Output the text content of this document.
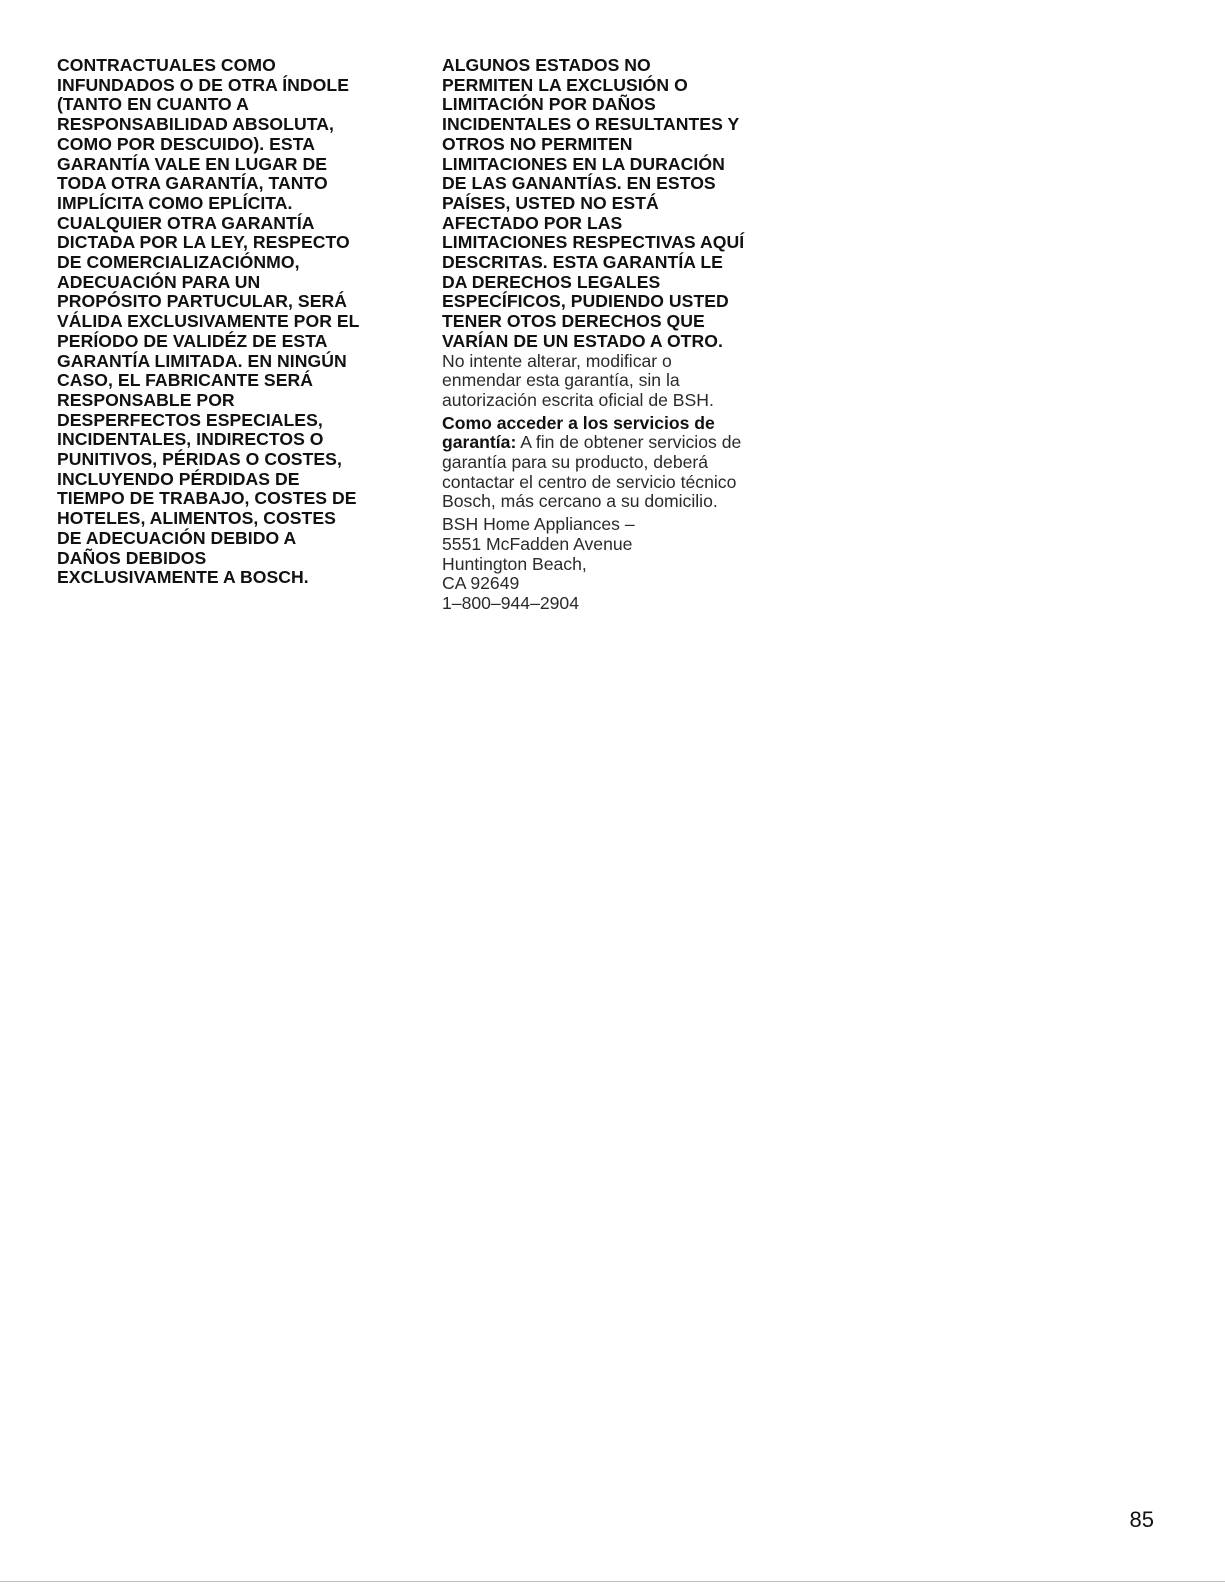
CONTRACTUALES COMO
INFUNDADOS O DE OTRA ÍNDOLE
(TANTO EN CUANTO A
RESPONSABILIDAD ABSOLUTA,
COMO POR DESCUIDO). ESTA
GARANTÍA VALE EN LUGAR DE
TODA OTRA GARANTÍA, TANTO
IMPLÍCITA COMO EPLÍCITA.
CUALQUIER OTRA GARANTÍA
DICTADA POR LA LEY, RESPECTO
DE COMERCIALIZACIÓNMO,
ADECUACIÓN PARA UN
PROPÓSITO PARTUCULAR, SERÁ
VÁLIDA EXCLUSIVAMENTE POR EL
PERÍODO DE VALIDÉZ DE ESTA
GARANTÍA LIMITADA. EN NINGÚN
CASO, EL FABRICANTE SERÁ
RESPONSABLE POR
DESPERFECTOS ESPECIALES,
INCIDENTALES, INDIRECTOS O
PUNITIVOS, PÉRIDAS O COSTES,
INCLUYENDO PÉRDIDAS DE
TIEMPO DE TRABAJO, COSTES DE
HOTELES, ALIMENTOS, COSTES
DE ADECUACIÓN DEBIDO A
DAÑOS DEBIDOS
EXCLUSIVAMENTE A BOSCH.
ALGUNOS ESTADOS NO
PERMITEN LA EXCLUSIÓN O
LIMITACIÓN POR DAÑOS
INCIDENTALES O RESULTANTES Y
OTROS NO PERMITEN
LIMITACIONES EN LA DURACIÓN
DE LAS GANANTÍAS. EN ESTOS
PAÍSES, USTED NO ESTÁ
AFECTADO POR LAS
LIMITACIONES RESPECTIVAS AQUÍ
DESCRITAS. ESTA GARANTÍA LE
DA DERECHOS LEGALES
ESPECÍFICOS, PUDIENDO USTED
TENER OTOS DERECHOS QUE
VARÍAN DE UN ESTADO A OTRO.
No intente alterar, modificar o
enmendar esta garantía, sin la
autorización escrita oficial de BSH.
Como acceder a los servicios de
garantía: A fin de obtener servicios de
garantía para su producto, deberá
contactar el centro de servicio técnico
Bosch, más cercano a su domicilio.
BSH Home Appliances –
5551 McFadden Avenue
Huntington Beach,
CA 92649
1–800–944–2904
85
